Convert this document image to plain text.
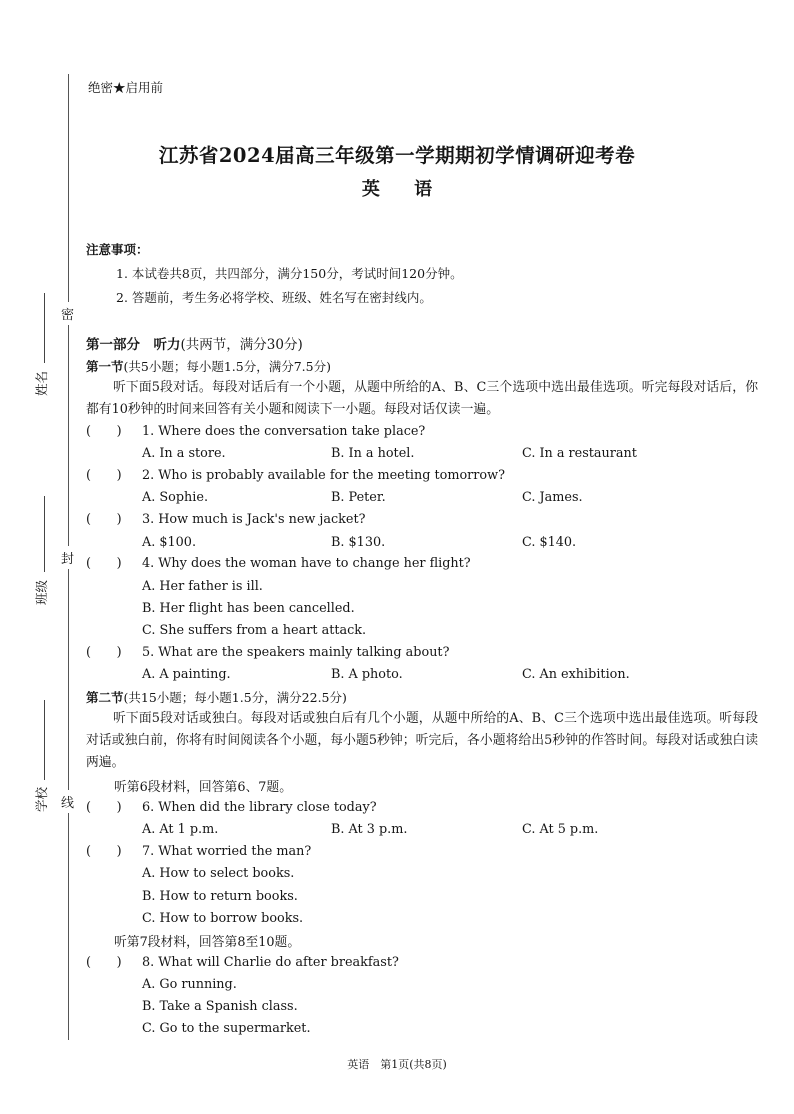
密
封
线
姓名
班级
学校
绝密★启用前
江苏省2024届高三年级第一学期期初学情调研迎考卷
英 语
注意事项：
1. 本试卷共8页，共四部分，满分150分，考试时间120分钟。
2. 答题前，考生务必将学校、班级、姓名写在密封线内。
第一部分　听力(共两节，满分30分)
第一节(共5小题；每小题1.5分，满分7.5分)
听下面5段对话。每段对话后有一个小题，从题中所给的A、B、C三个选项中选出最佳选项。听完每段对话后，你都有10秒钟的时间来回答有关小题和阅读下一小题。每段对话仅读一遍。
(　　) 1. Where does the conversation take place?
A. In a store.	B. In a hotel.	C. In a restaurant
(　　) 2. Who is probably available for the meeting tomorrow?
A. Sophie.	B. Peter.	C. James.
(　　) 3. How much is Jack's new jacket?
A. $100.	B. $130.	C. $140.
(　　) 4. Why does the woman have to change her flight?
A. Her father is ill.
B. Her flight has been cancelled.
C. She suffers from a heart attack.
(　　) 5. What are the speakers mainly talking about?
A. A painting.	B. A photo.	C. An exhibition.
第二节(共15小题；每小题1.5分，满分22.5分)
听下面5段对话或独白。每段对话或独白后有几个小题，从题中所给的A、B、C三个选项中选出最佳选项。听每段对话或独白前，你将有时间阅读各个小题，每小题5秒钟；听完后，各小题将给出5秒钟的作答时间。每段对话或独白读两遍。
听第6段材料，回答第6、7题。
(　　) 6. When did the library close today?
A. At 1 p.m.	B. At 3 p.m.	C. At 5 p.m.
(　　) 7. What worried the man?
A. How to select books.
B. How to return books.
C. How to borrow books.
听第7段材料，回答第8至10题。
(　　) 8. What will Charlie do after breakfast?
A. Go running.
B. Take a Spanish class.
C. Go to the supermarket.
英语　第1页(共8页)
